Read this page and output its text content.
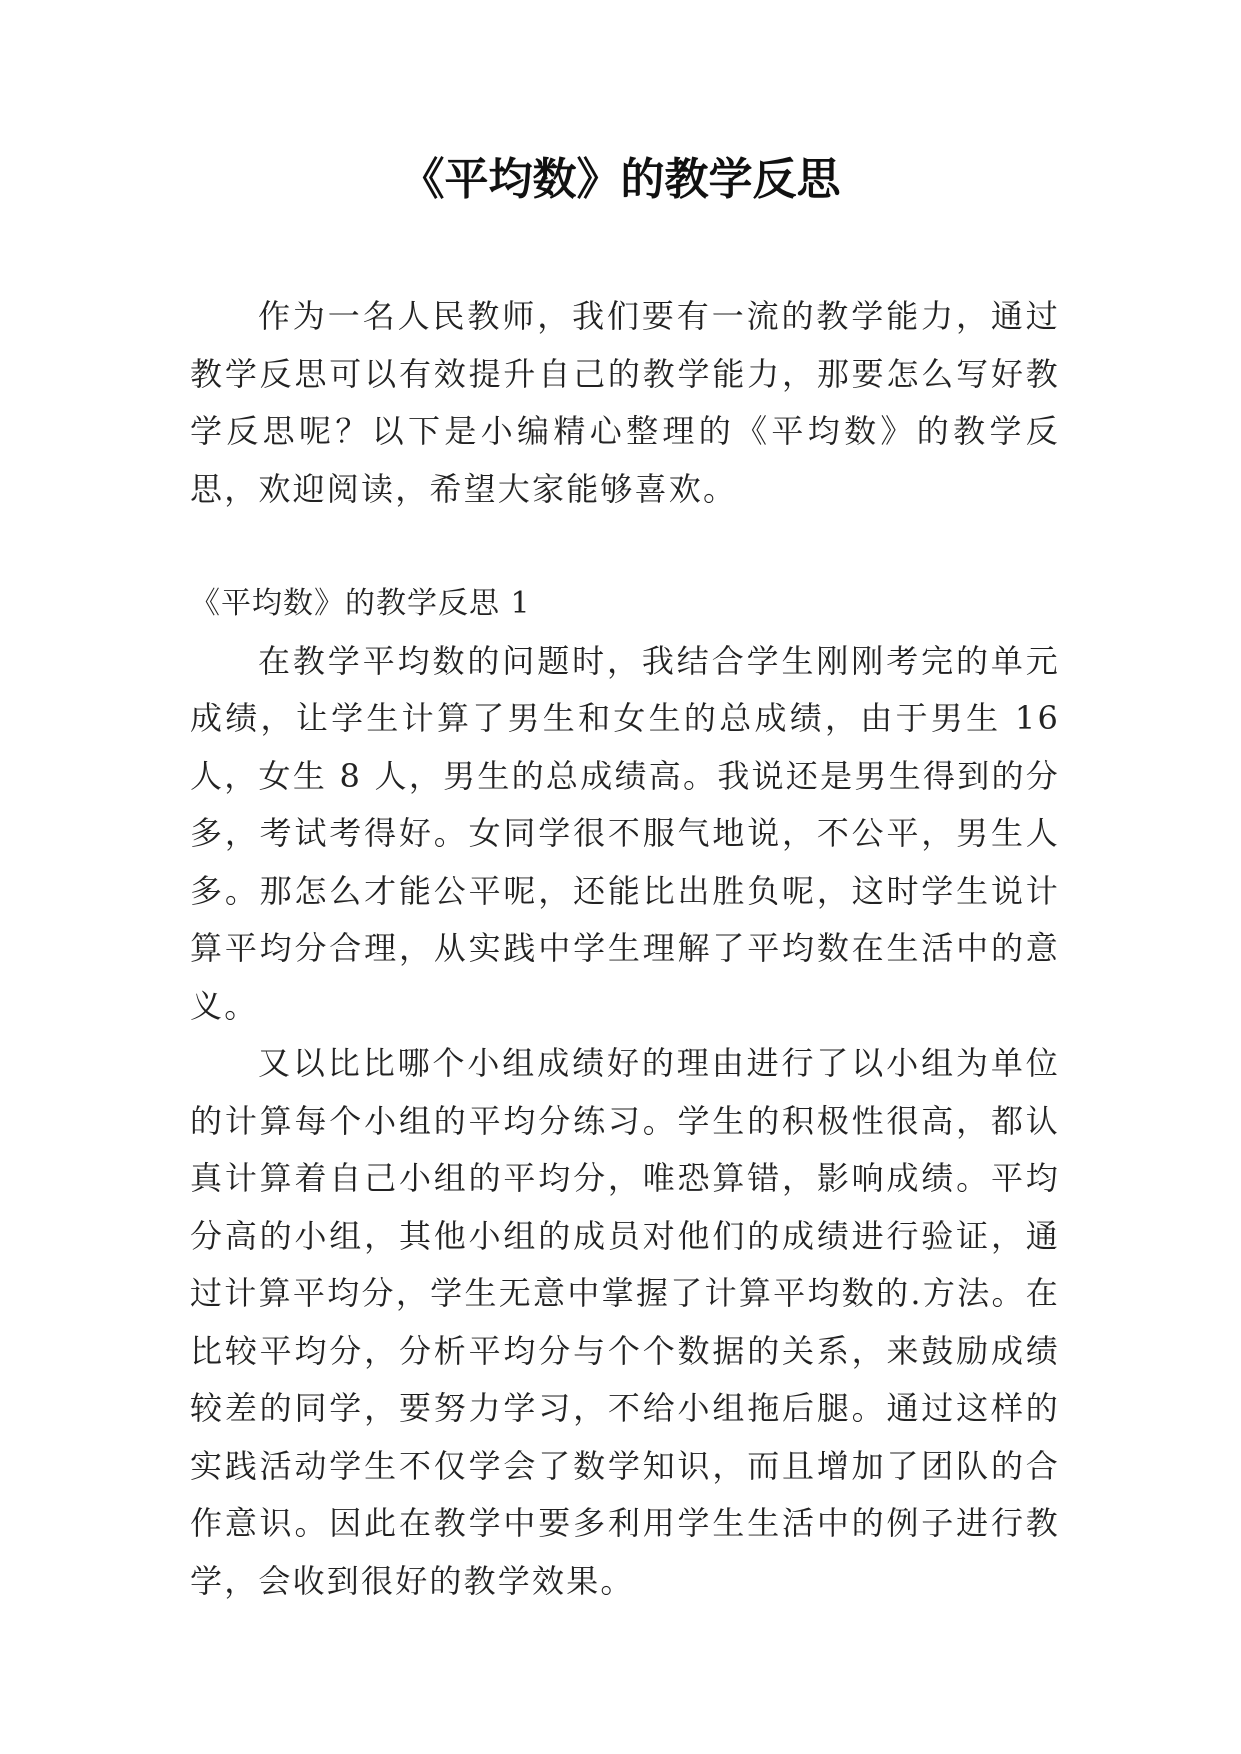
《平均数》的教学反思

作为一名人民教师，我们要有一流的教学能力，通过教学反思可以有效提升自己的教学能力，那要怎么写好教学反思呢？以下是小编精心整理的《平均数》的教学反思，欢迎阅读，希望大家能够喜欢。

《平均数》的教学反思 1

在教学平均数的问题时，我结合学生刚刚考完的单元成绩，让学生计算了男生和女生的总成绩，由于男生 16 人，女生 8 人，男生的总成绩高。我说还是男生得到的分多，考试考得好。女同学很不服气地说，不公平，男生人多。那怎么才能公平呢，还能比出胜负呢，这时学生说计算平均分合理，从实践中学生理解了平均数在生活中的意义。

又以比比哪个小组成绩好的理由进行了以小组为单位的计算每个小组的平均分练习。学生的积极性很高，都认真计算着自己小组的平均分，唯恐算错，影响成绩。平均分高的小组，其他小组的成员对他们的成绩进行验证，通过计算平均分，学生无意中掌握了计算平均数的.方法。在比较平均分，分析平均分与个个数据的关系，来鼓励成绩较差的同学，要努力学习，不给小组拖后腿。通过这样的实践活动学生不仅学会了数学知识，而且增加了团队的合作意识。因此在教学中要多利用学生生活中的例子进行教学，会收到很好的教学效果。
